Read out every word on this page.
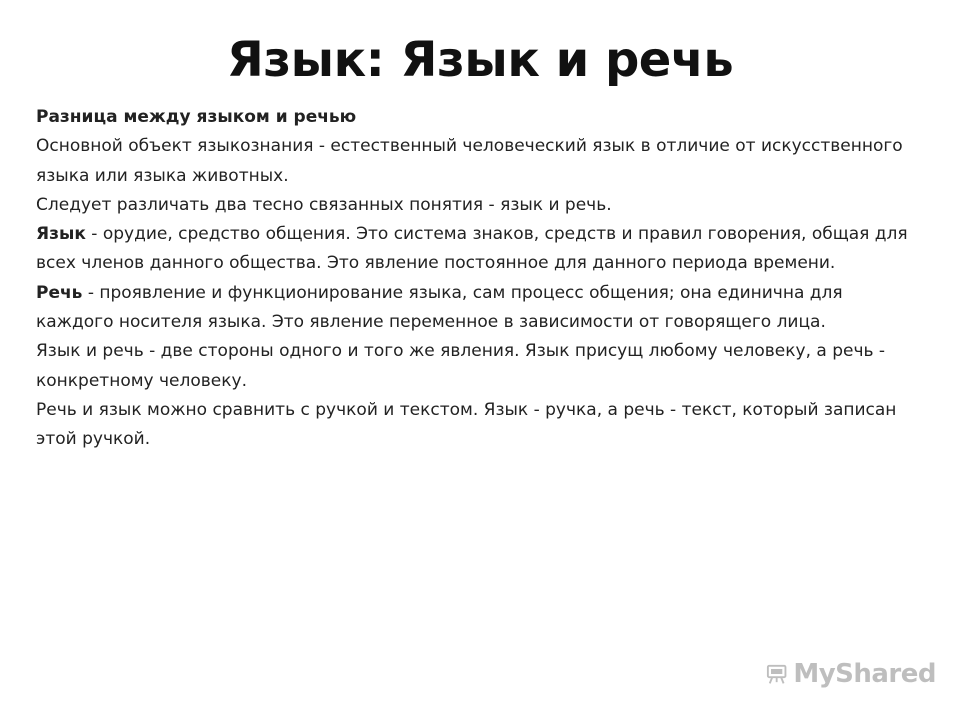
Язык: Язык и речь

Разница между языком и речью

Основной объект языкознания - естественный человеческий язык в отличие от искусственного языка или языка животных.

Следует различать два тесно связанных понятия - язык и речь.

Язык - орудие, средство общения. Это система знаков, средств и правил говорения, общая для всех членов данного общества. Это явление постоянное для данного периода времени.

Речь - проявление и функционирование языка, сам процесс общения; она единична для каждого носителя языка. Это явление переменное в зависимости от говорящего лица.

Язык и речь - две стороны одного и того же явления. Язык присущ любому человеку, а речь - конкретному человеку.

Речь и язык можно сравнить с ручкой и текстом. Язык - ручка, а речь - текст, который записан этой ручкой.

MyShared
